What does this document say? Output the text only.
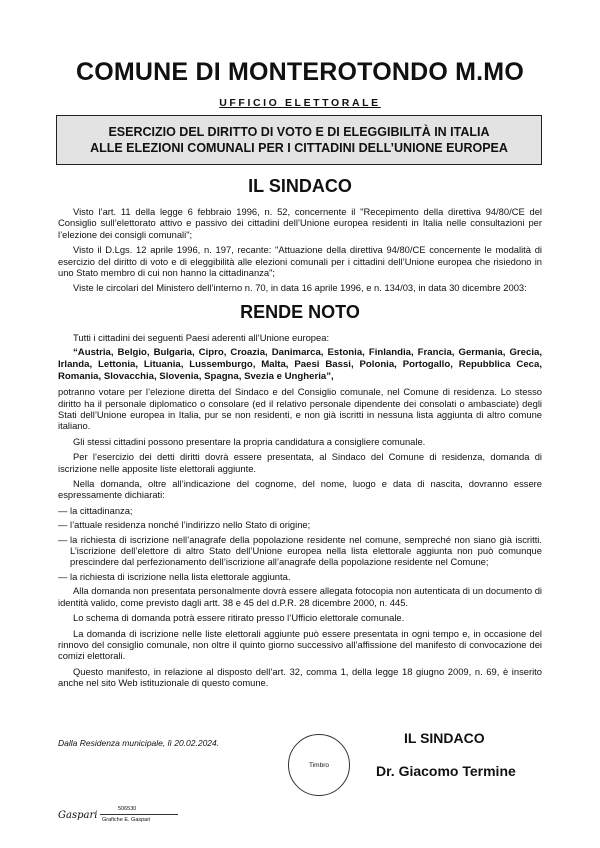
COMUNE DI MONTEROTONDO M.MO
UFFICIO ELETTORALE
ESERCIZIO DEL DIRITTO DI VOTO E DI ELEGGIBILITÀ IN ITALIA
ALLE ELEZIONI COMUNALI PER I CITTADINI DELL’UNIONE EUROPEA
IL SINDACO

Visto l’art. 11 della legge 6 febbraio 1996, n. 52, concernente il "Recepimento della direttiva 94/80/CE del Consiglio sull’elettorato attivo e passivo dei cittadini dell’Unione europea residenti in Italia nelle consultazioni per l’elezione dei consigli comunali";

Visto il D.Lgs. 12 aprile 1996, n. 197, recante: "Attuazione della direttiva 94/80/CE concernente le modalità di esercizio del diritto di voto e di eleggibilità alle elezioni comunali per i cittadini dell’Unione europea che risiedono in uno Stato membro di cui non hanno la cittadinanza";

Viste le circolari del Ministero dell’interno n. 70, in data 16 aprile 1996, e n. 134/03, in data 30 dicembre 2003:

RENDE NOTO

Tutti i cittadini dei seguenti Paesi aderenti all’Unione europea:

“Austria, Belgio, Bulgaria, Cipro, Croazia, Danimarca, Estonia, Finlandia, Francia, Germania, Grecia, Irlanda, Lettonia, Lituania, Lussemburgo, Malta, Paesi Bassi, Polonia, Portogallo, Repubblica Ceca, Romania, Slovacchia, Slovenia, Spagna, Svezia e Ungheria”,

potranno votare per l’elezione diretta del Sindaco e del Consiglio comunale, nel Comune di residenza. Lo stesso diritto ha il personale diplomatico o consolare (ed il relativo personale dipendente dei consolati o ambasciate) degli Stati dell’Unione europea in Italia, pur se non residenti, e non già iscritti in nessuna lista aggiunta di altro comune italiano.

Gli stessi cittadini possono presentare la propria candidatura a consigliere comunale.

Per l’esercizio dei detti diritti dovrà essere presentata, al Sindaco del Comune di residenza, domanda di iscrizione nelle apposite liste elettorali aggiunte.

Nella domanda, oltre all’indicazione del cognome, del nome, luogo e data di nascita, dovranno essere espressamente dichiarati:

— la cittadinanza;
— l’attuale residenza nonché l’indirizzo nello Stato di origine;
— la richiesta di iscrizione nell’anagrafe della popolazione residente nel comune, sempreché non siano già iscritti. L’iscrizione dell’elettore di altro Stato dell’Unione europea nella lista elettorale aggiunta non può comunque prescindere dal perfezionamento dell’iscrizione all’anagrafe della popolazione residente nel Comune;
— la richiesta di iscrizione nella lista elettorale aggiunta.

Alla domanda non presentata personalmente dovrà essere allegata fotocopia non autenticata di un documento di identità valido, come previsto dagli artt. 38 e 45 del d.P.R. 28 dicembre 2000, n. 445.

Lo schema di domanda potrà essere ritirato presso l’Ufficio elettorale comunale.

La domanda di iscrizione nelle liste elettorali aggiunte può essere presentata in ogni tempo e, in occasione del rinnovo del consiglio comunale, non oltre il quinto giorno successivo all’affissione del manifesto di convocazione dei comizi elettorali.

Questo manifesto, in relazione al disposto dell’art. 32, comma 1, della legge 18 giugno 2009, n. 69, è inserito anche nel sito Web istituzionale di questo comune.

Dalla Residenza municipale, lì 20.02.2024.
Timbro
IL SINDACO
Dr. Giacomo Termine
Gaspari
506530
Grafiche E. Gaspari
